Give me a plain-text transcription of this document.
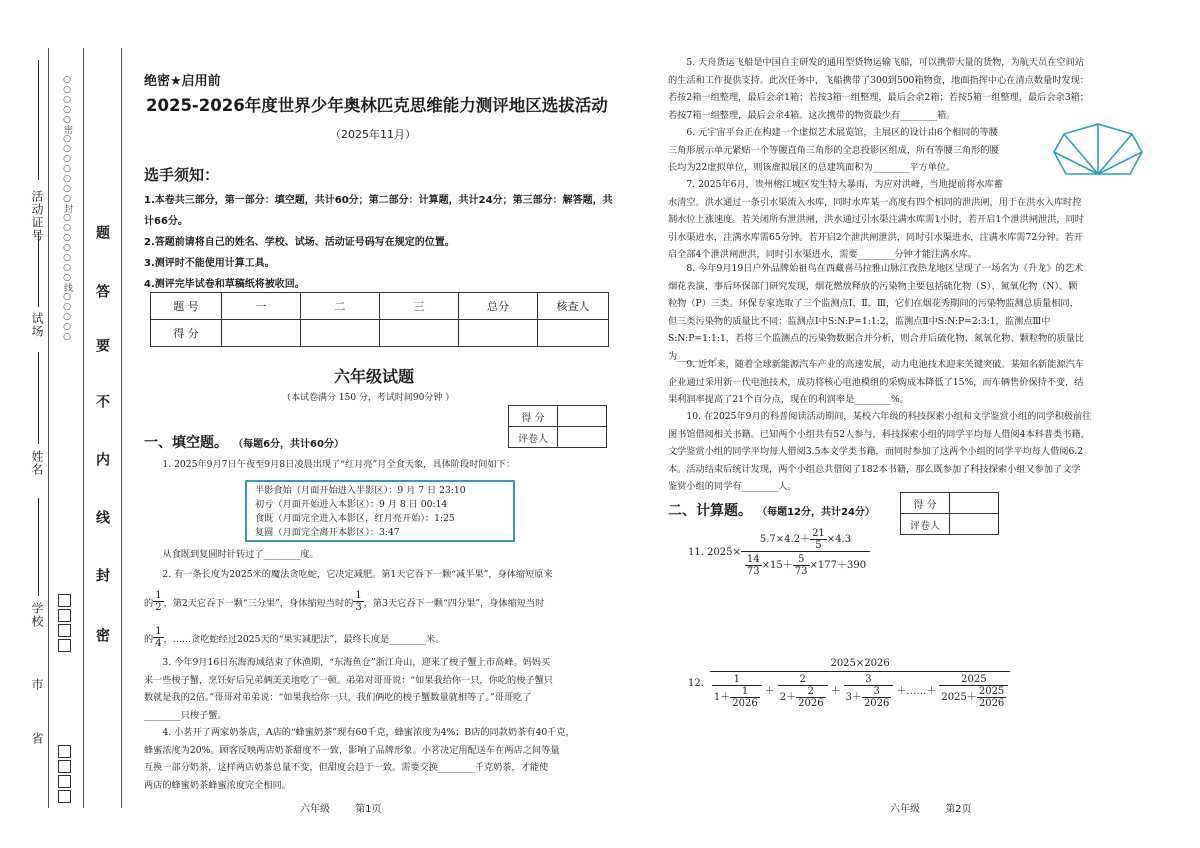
活动证号
试场
姓名
学校
市
省
○○○○○密○○○○○○○封○○○○○○○线○○○○○ 题
答
要
不
内
线
封
密
绝密★启用前
2025-2026年度世界少年奥林匹克思维能力测评地区选拔活动
（2025年11月）
选手须知：
1.本卷共三部分，第一部分：填空题，共计60分；第二部分：计算题，共计24分；第三部分：解答题，共计66分。
2.答题前请将自己的姓名、学校、试场、活动证号码写在规定的位置。
3.测评时不能使用计算工具。
4.测评完毕试卷和草稿纸将被收回。
题 号	一	二	三	总分	核查人
得 分					
六年级试题
（本试卷满分 150 分，考试时间90分钟 ）
得 分	
评卷人	
一、填空题。 （每题6分，共计60分）

1. 2025年9月7日午夜至9月8日凌晨出现了“红月亮”月全食天象，具体阶段时间如下：

半影食始（月面开始进入半影区）：9 月 7 日 23:10
初亏（月面开始进入本影区）：9 月 8 日 00:14
食既（月面完全进入本影区，红月亮开始）：1:25
复圆（月面完全离开本影区）：3:47

从食既到复圆时针转过了________度。

2. 有一条长度为2025米的魔法贪吃蛇，它决定减肥。第1天它吞下一颗“减半果”，身体缩短原来

的 $\frac{1}{2}$ ，第2天它吞下一颗“三分果”，身体缩短当时的 $\frac{1}{3}$ ，第3天它吞下一颗“四分果”，身体缩短当时
的 $\frac{1}{4}$ ，……贪吃蛇经过2025天的“果实减肥法”，最终长度是________米。

3. 今年9月16日东海海域结束了休渔期，“东海鱼仓”浙江舟山，迎来了梭子蟹上市高峰。妈妈买

来一些梭子蟹，烹饪好后兄弟俩美美地吃了一顿。弟弟对哥哥说：“如果我给你一只，你吃的梭子蟹只

数就是我的2倍。”哥哥对弟弟说：“如果我给你一只，我们俩吃的梭子蟹数量就相等了。”哥哥吃了

________只梭子蟹。

4. 小茗开了两家奶茶店，A店的“蜂蜜奶茶”现有60千克，蜂蜜浓度为4%；B店的同款奶茶有40千克，

蜂蜜浓度为20%。顾客反映两店奶茶甜度不一致，影响了品牌形象。小茗决定用配送车在两店之间等量

互换一部分奶茶，这样两店奶茶总量不变，但甜度会趋于一致。需要交换________千克奶茶，才能使

两店的蜂蜜奶茶蜂蜜浓度完全相同。

六年级	第1页

5. 天舟货运飞船是中国自主研发的通用型货物运输飞船，可以携带大量的货物，为航天员在空间站

的生活和工作提供支持。此次任务中，飞船携带了300到500箱物资，地面指挥中心在清点数量时发现：

若按2箱一组整理，最后会余1箱；若按3箱一组整理，最后会余2箱；若按5箱一组整理，最后会余3箱；

若按7箱一组整理，最后会余4箱。这次携带的物资最少有________箱。

6. 元宇宙平台正在构建一个虚拟艺术展览馆，主展区的设计由6个相同的等腰

三角形展示单元紧贴一个等腰直角三角形的全息投影区组成，所有等腰三角形的腰

长均为22虚拟单位，则该虚拟展区的总建筑面积为________平方单位。

7. 2025年6月，贵州榕江城区发生特大暴雨，为应对洪峰，当地提前将水库蓄

水清空。洪水通过一条引水渠流入水库，同时水库某一高度有四个相同的泄洪闸，用于在洪水入库时控

制水位上涨速度。若关闭所有泄洪闸，洪水通过引水渠注满水库需1小时，若开启1个泄洪闸泄洪，同时

引水渠进水，注满水库需65分钟。若开启2个泄洪闸泄洪，同时引水渠进水，注满水库需72分钟。若开

启全部4个泄洪闸泄洪，同时引水渠进水，需要________分钟才能注满水库。

8. 今年9月19日户外品牌始祖鸟在西藏喜马拉雅山脉江孜热龙地区呈现了一场名为《升龙》的艺术

烟花表演，事后环保部门研究发现，烟花燃放释放的污染物主要包括硫化物（S）、氮氧化物（N）、颗

粒物（P）三类。环保专家选取了三个监测点Ⅰ、Ⅱ、Ⅲ，它们在烟花秀期间的污染物监测总质量相同，

但三类污染物的质量比不同：监测点Ⅰ中S:N:P=1:1:2，监测点Ⅱ中S:N:P=2:3:1，监测点Ⅲ中

S:N:P=1:1:1，若将三个监测点的污染物数据合并分析，则合并后硫化物、氮氧化物、颗粒物的质量比

为________。

9. 近年来，随着全球新能源汽车产业的高速发展，动力电池技术迎来关键突破。某知名新能源汽车

企业通过采用新一代电池技术，成功将核心电池模组的采购成本降低了15%，而车辆售价保持不变，结

果利润率提高了21个百分点，现在的利润率是________%。

10. 在2025年9月的科普阅读活动期间，某校六年级的科技探索小组和文学鉴赏小组的同学积极前往

图书馆借阅相关书籍。已知两个小组共有52人参与，科技探索小组的同学平均每人借阅4本科普类书籍，

文学鉴赏小组的同学平均每人借阅3.5本文学类书籍，而同时参加了这两个小组的同学平均每人借阅6.2

本。活动结束后统计发现，两个小组总共借阅了182本书籍，那么既参加了科技探索小组又参加了文学

鉴赏小组的同学有________人。

得 分	
评卷人	
二、计算题。 （每题12分，共计24分）
11. $2025\times \frac{5.7\times 4.2+ \frac{21}{5} \times 4.3}{\frac{14}{73} \times 15+ \frac{5}{73} \times 177+390}$
12.
2025×2026
$\frac{1}{1+ \frac{1}{2026}} + \frac{2}{2+ \frac{2}{2026}} + \frac{3}{3+ \frac{3}{2026}}$ ＋……＋ $\frac{2025}{2025+ \frac{2025}{2026}}$
六年级	第2页
